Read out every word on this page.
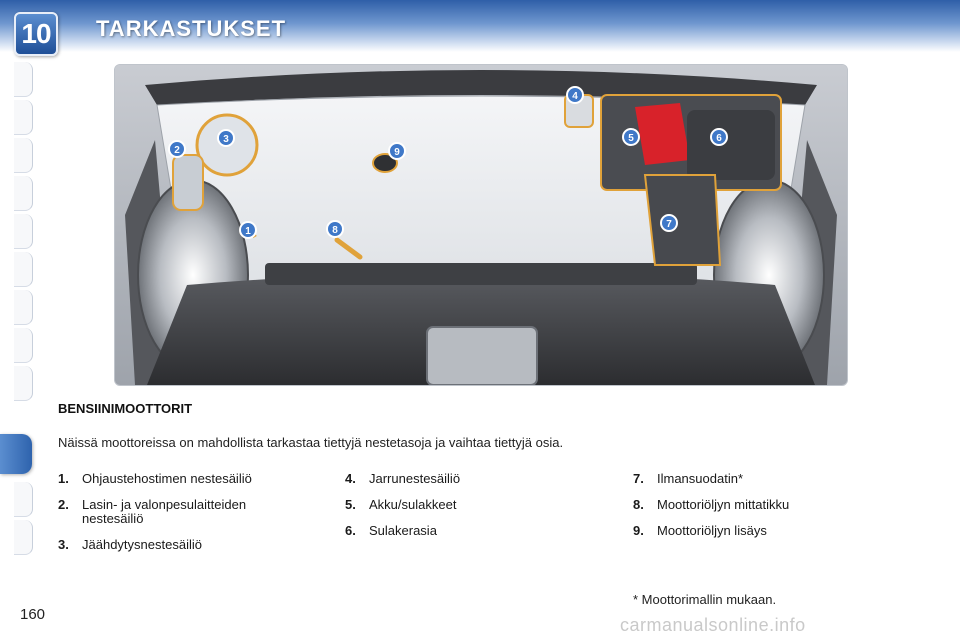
10	TARKASTUKSET
1
2
3
4
5	6
7
8
9
BENSIINIMOOTTORIT
Näissä moottoreissa on mahdollista tarkastaa tiettyjä nestetasoja ja vaihtaa tiettyjä osia.
1. Ohjaustehostimen nestesäiliö
2. Lasin- ja valonpesulaitteiden nestesäiliö
3. Jäähdytysnestesäiliö
4. Jarrunestesäiliö
5. Akku/sulakkeet
6. Sulakerasia
7. Ilmansuodatin*
8. Moottoriöljyn mittatikku
9. Moottoriöljyn lisäys
* Moottorimallin mukaan.
160
carmanualsonline.info
